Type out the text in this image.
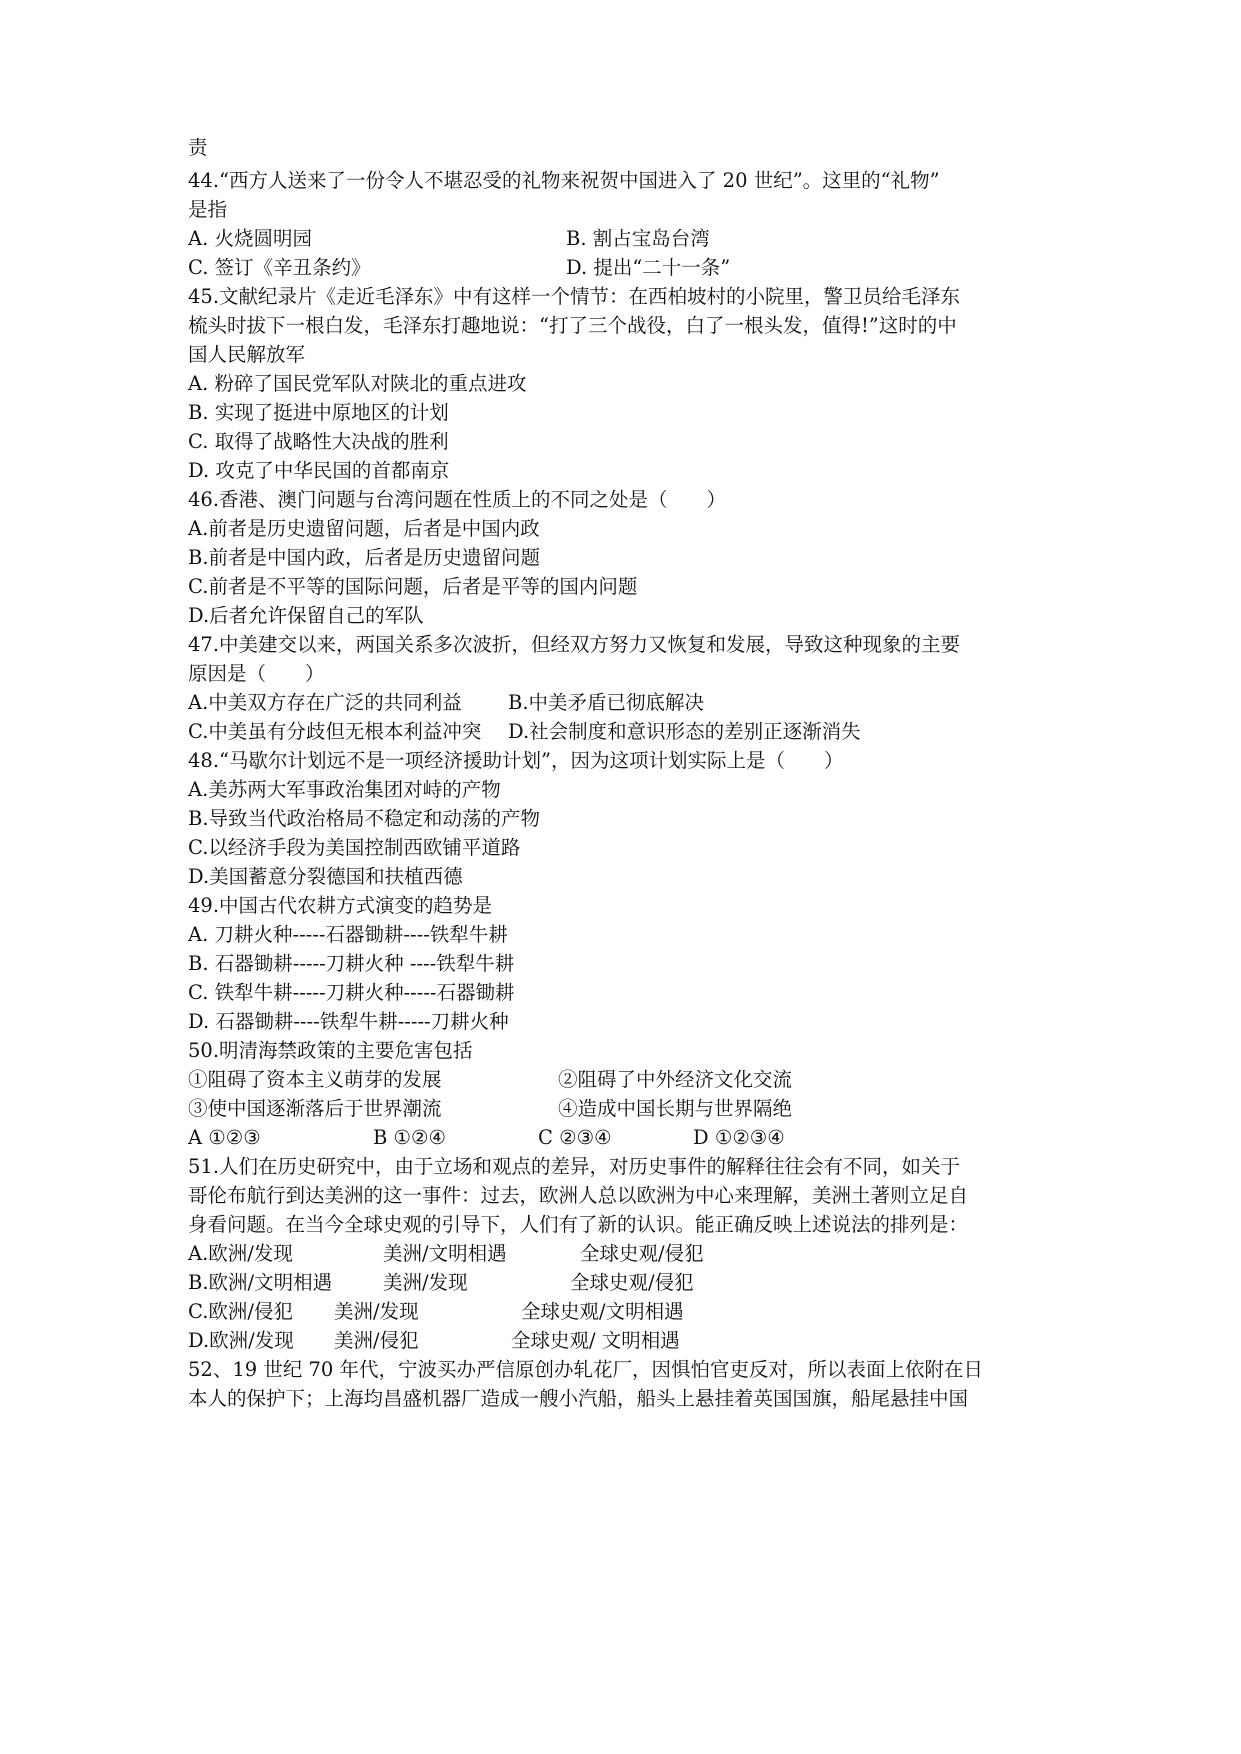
责
44.“西方人送来了一份令人不堪忍受的礼物来祝贺中国进入了 20 世纪”。这里的“礼物”
是指
A. 火烧圆明园	B. 割占宝岛台湾
C. 签订《辛丑条约》	D. 提出“二十一条”
45.文献纪录片《走近毛泽东》中有这样一个情节：在西柏坡村的小院里，警卫员给毛泽东
梳头时拔下一根白发，毛泽东打趣地说：“打了三个战役，白了一根头发，值得!”这时的中
国人民解放军
A. 粉碎了国民党军队对陕北的重点进攻
B. 实现了挺进中原地区的计划
C. 取得了战略性大决战的胜利
D. 攻克了中华民国的首都南京
46.香港、澳门问题与台湾问题在性质上的不同之处是（　　）
A.前者是历史遗留问题，后者是中国内政
B.前者是中国内政，后者是历史遗留问题
C.前者是不平等的国际问题，后者是平等的国内问题
D.后者允许保留自己的军队
47.中美建交以来，两国关系多次波折，但经双方努力又恢复和发展，导致这种现象的主要
原因是（　　）
A.中美双方存在广泛的共同利益 B.中美矛盾已彻底解决
C.中美虽有分歧但无根本利益冲突 D.社会制度和意识形态的差别正逐渐消失
48.“马歇尔计划远不是一项经济援助计划”，因为这项计划实际上是（　　）
A.美苏两大军事政治集团对峙的产物
B.导致当代政治格局不稳定和动荡的产物
C.以经济手段为美国控制西欧铺平道路
D.美国蓄意分裂德国和扶植西德
49.中国古代农耕方式演变的趋势是
A. 刀耕火种-----石器锄耕----铁犁牛耕
B. 石器锄耕-----刀耕火种 ----铁犁牛耕
C. 铁犁牛耕-----刀耕火种-----石器锄耕
D. 石器锄耕----铁犁牛耕-----刀耕火种
50.明清海禁政策的主要危害包括
①阻碍了资本主义萌芽的发展	②阻碍了中外经济文化交流
③使中国逐渐落后于世界潮流	④造成中国长期与世界隔绝
A ①②③	B ①②④	C ②③④	D ①②③④
51.人们在历史研究中，由于立场和观点的差异，对历史事件的解释往往会有不同，如关于
哥伦布航行到达美洲的这一事件：过去，欧洲人总以欧洲为中心来理解，美洲土著则立足自
身看问题。在当今全球史观的引导下，人们有了新的认识。能正确反映上述说法的排列是：
A.欧洲/发现	美洲/文明相遇	全球史观/侵犯
B.欧洲/文明相遇	美洲/发现	全球史观/侵犯
C.欧洲/侵犯 美洲/发现	全球史观/文明相遇
D.欧洲/发现 美洲/侵犯	全球史观/ 文明相遇
52、19 世纪 70 年代，宁波买办严信原创办轧花厂，因惧怕官吏反对，所以表面上依附在日
本人的保护下；上海均昌盛机器厂造成一艘小汽船，船头上悬挂着英国国旗，船尾悬挂中国
